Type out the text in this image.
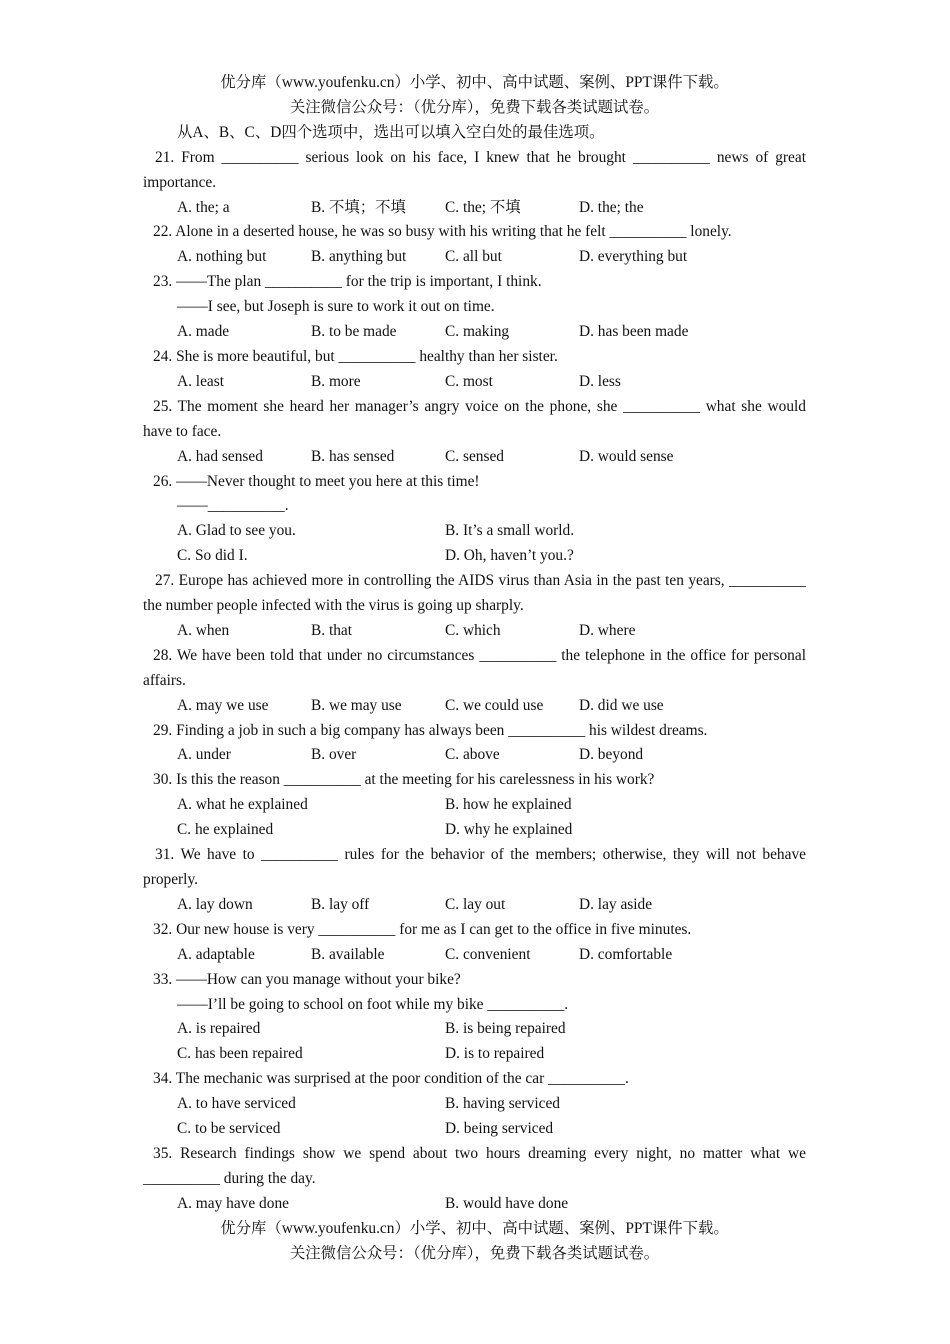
优分库（www.youfenku.cn）小学、初中、高中试题、案例、PPT课件下载。
关注微信公众号：（优分库），免费下载各类试题试卷。
从A、B、C、D四个选项中，选出可以填入空白处的最佳选项。
21. From __________ serious look on his face, I knew that he brought __________ news of great importance.
A. the; a	B. 不填；不填	C. the; 不填	D. the; the
22. Alone in a deserted house, he was so busy with his writing that he felt __________ lonely.
A. nothing but	B. anything but	C. all but	D. everything but
23. ——The plan __________ for the trip is important, I think.
——I see, but Joseph is sure to work it out on time.
A. made	B. to be made	C. making	D. has been made
24. She is more beautiful, but __________ healthy than her sister.
A. least	B. more	C. most	D. less
25. The moment she heard her manager’s angry voice on the phone, she __________ what she would have to face.
A. had sensed	B. has sensed	C. sensed	D. would sense
26. ——Never thought to meet you here at this time!
——__________.
A. Glad to see you.	B. It’s a small world.
C. So did I.	D. Oh, haven’t you.?
27. Europe has achieved more in controlling the AIDS virus than Asia in the past ten years, __________ the number people infected with the virus is going up sharply.
A. when	B. that	C. which	D. where
28. We have been told that under no circumstances __________ the telephone in the office for personal affairs.
A. may we use	B. we may use	C. we could use	D. did we use
29. Finding a job in such a big company has always been __________ his wildest dreams.
A. under	B. over	C. above	D. beyond
30. Is this the reason __________ at the meeting for his carelessness in his work?
A. what he explained	B. how he explained
C. he explained	D. why he explained
31. We have to __________ rules for the behavior of the members; otherwise, they will not behave properly.
A. lay down	B. lay off	C. lay out	D. lay aside
32. Our new house is very __________ for me as I can get to the office in five minutes.
A. adaptable	B. available	C. convenient	D. comfortable
33. ——How can you manage without your bike?
——I’ll be going to school on foot while my bike __________.
A. is repaired	B. is being repaired
C. has been repaired	D. is to repaired
34. The mechanic was surprised at the poor condition of the car __________.
A. to have serviced	B. having serviced
C. to be serviced	D. being serviced
35. Research findings show we spend about two hours dreaming every night, no matter what we __________ during the day.
A. may have done	B. would have done
优分库（www.youfenku.cn）小学、初中、高中试题、案例、PPT课件下载。
关注微信公众号：（优分库），免费下载各类试题试卷。
